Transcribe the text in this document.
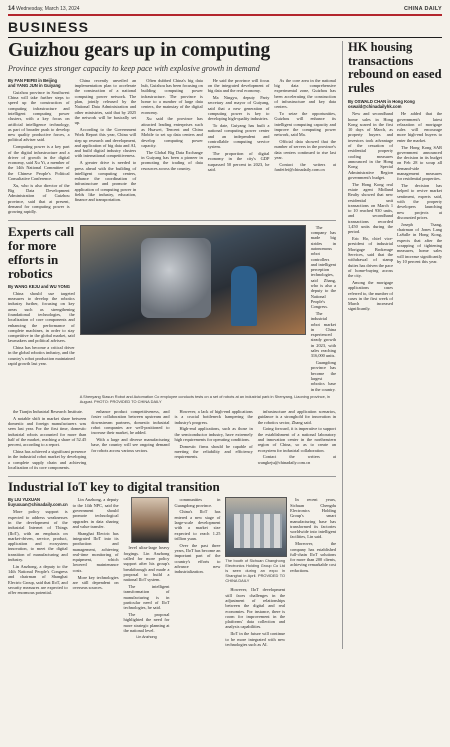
14 Wednesday, March 13, 2024	CHINA DAILY
BUSINESS
Guizhou gears up in computing
Province eyes stronger capacity to keep pace with explosive growth in demand
By FAN FEIFEI in Beijing
and YANG JUN in Guiyang

Guizhou province in Southwest China will take further steps to speed up the construction of computing infrastructure and intelligent computing power clusters, with a key focus on artificial intelligence technology, as part of broader push to develop new quality productive forces, a political adviser said.

Computing power is a key part of the digital infrastructure and a driver of growth in the digital economy, said Xu Yi, a member of the 14th National Committee of the Chinese People's Political Consultative Conference.

Xu, who is also director of the Big Data Development Administration of Guizhou province, said that at present, demand for computing power is growing rapidly.

China recently unveiled an implementation plan to accelerate the construction of a national computing power network. The plan, jointly released by the National Data Administration and other ministries, said that by 2025 the network will be basically set up.

According to the Government Work Report this year, China will step up research and development, and application of big data and AI, and build digital industry clusters with international competitiveness.

A greater drive is needed to press ahead with the building of intelligent computing centers, enhance the coordination of infrastructure and promote the application of computing power in fields like industry, education, finance and transportation.

Often dubbed China's big data hub, Guizhou has been focusing on building computing power infrastructure. The province is home to a number of large data centers, the mainstay of the digital economy.

Xu said the province has attracted leading enterprises such as Huawei, Tencent and China Mobile to set up data centers and develop computing power capacity.

The Global Big Data Exchange in Guiyang has been a pioneer in promoting the trading of data resources across the country.

He said the province will focus on the integrated development of big data and the real economy.

Ma Ningyu, deputy Party secretary and mayor of Guiyang, said that a new generation of computing power is key to developing high-quality industries.

To date, Guiyang has built a national computing power center and an independent and controllable computing service system.

The proportion of digital economy in the city's GDP surpassed 50 percent in 2023, he said.

As the core area in the national big data comprehensive experimental zone, Guizhou has been accelerating the construction of infrastructure and key data centers.

To seize the opportunities, Guizhou will enhance its intelligent computing capacity and improve the computing power network, said Ma.

Official data showed that the number of servers in the province's data centers continued to rise last year.

Contact the writers at fanfeifei@chinadaily.com.cn

Experts call for more efforts in robotics
By WANG KEJU and WU YONG

China should use targeted measures to develop the robotics industry further, focusing on key areas such as strengthening foundational technologies, the localization of core components and enhancing the performance of complete machines, in order to stay competitive in the global market, said lawmakers and political advisers.

China has become a critical driver in the global robotics industry, and the country's robot production maintained rapid growth last year.

The company has made big strides in autonomous robot controllers and intelligent perception technologies, said Zhang, who is also a deputy to the National People's Congress.

The industrial robot market in China experienced steady growth in 2023, with sales reaching 316,000 units.

Guangdong province has become the largest robotics base in the country.

A Shenyang Siasun Robot and Automation Co employee conducts tests on a set of robots at an industrial park in Shenyang, Liaoning province, in August. PHOTO: PROVIDED TO CHINA DAILY

the Tianjin Industrial Research Institute.

A notable shift in market share between domestic and foreign manufacturers was seen last year. For the first time, domestic industrial robots accounted for more than half of the market, reaching a share of 52.45 percent, according to a report.

China has achieved a significant presence in the industrial robot market by developing a complete supply chain and achieving localization of its core components.

enhance product competitiveness, and foster collaboration between upstream and downstream partners, domestic industrial robot companies are well-positioned to increase their market, he added.

With a large and diverse manufacturing base, the country will see ongoing demand for robots across various sectors.

However, a lack of high-end applications is a crucial bottleneck hampering the industry's progress.

High-end applications, such as those in the semiconductor industry, have extremely high requirements for operating conditions.

Domestic firms should be capable of meeting the reliability and efficiency requirements.

infrastructure and application scenarios, guidance is a stronghold for innovation in the robotics sector, Zhang said.

Going forward, it is imperative to support the establishment of a national laboratory and innovation center in the northeastern region of China, so as to create an ecosystem for industrial collaboration.

Contact the writers at wangkeju@chinadaily.com.cn

Industrial IoT key to digital transition
By LIU YUXUAN
liuyuxuan@chinadaily.com.cn

More policy support is expected to address weaknesses in the development of the industrial Internet of Things (IIoT), with an emphasis on market-driven, service, product, application and ecosystem innovation, to meet the digital transition of manufacturing and industry.

Lin Anzhong, a deputy to the 14th National People's Congress and chairman of Shanghai Electric Group, said that IIoT, and security measures are expected to offer enormous potential.

Lin Anzhong, a deputy to the 14th NPC, said the government should promote technological upgrades in data sharing and value transfer.

Shanghai Electric has integrated IIoT into its production and management, achieving real-time monitoring of equipment, which lowered maintenance costs.

More key technologies are still dependent on overseas sources.

level ultra-large heavy forgings. Lin Anzhong called for more policy support after his group's breakthrough and made a proposal to build a national IIoT system.

The intelligent transformation of manufacturing is in particular need of IIoT technologies, he said.

The proposal highlighted the need for more strategic planning at the national level.

Lin Anzhong

communities in Guangdong province.

China's IIoT has entered a new stage of large-scale development with a market size expected to reach 1.25 trillion yuan.

Over the past three years, IIoT has become an important part of the country's efforts to advance new industrialization.

The booth of Sichuan Changhong Electronics Holding Group Co Ltd is seen during an expo in Shanghai in April. PROVIDED TO CHINA DAILY

However, IIoT development still faces challenges in the adjustment of relationships between the digital and real economies. For instance, there is room for improvement in the platforms' data collection and analysis capabilities.

IIoT in the future will continue to be more integrated with new technologies such as AI.

In recent years, Sichuan Chengdu Electronics Holding Group's smart manufacturing base has transformed its factories worldwide into intelligent facilities, Lin said.

Moreover, the company has established full-chain IIoT solutions for more than 200 clients, achieving remarkable cost reductions.

HK housing transactions rebound on eased rules
By OSWALD CHAN in Hong Kong
oswald@chinadailyhk.com

New and secondhand home sales in Hong Kong soared in the first 10 days of March, as property buyers and investors took advantage of the cessation of residential property cooling measures announced in the Hong Kong Special Administrative Region government's budget.

The Hong Kong real estate agent Midland Realty showed that new residential unit transactions on March 1 to 10 reached 930 units, and secondhand transactions recorded 1,450 units during the period.

Eric Ho, chief vice-president of industrial Mortgage Brokerage Services, said that the withdrawal of stamp duties has driven the pace of home-buying across the city.

Among the mortgage applications cases referred to, the number of cases in the first week of March increased significantly.

He added that the government's latest relaxation of mortgage rules will encourage more high-end buyers to enter the market.

The Hong Kong SAR government announced the decision in its budget on Feb 28 to scrap all demand-side management measures for residential properties.

The decision has helped to revive market sentiment, experts said, with the property developers launching new projects at discounted prices.

Joseph Tsang, chairman of Jones Lang LaSalle in Hong Kong, expects that after the scrapping of tightening measures, home sales will increase significantly by 10 percent this year.
